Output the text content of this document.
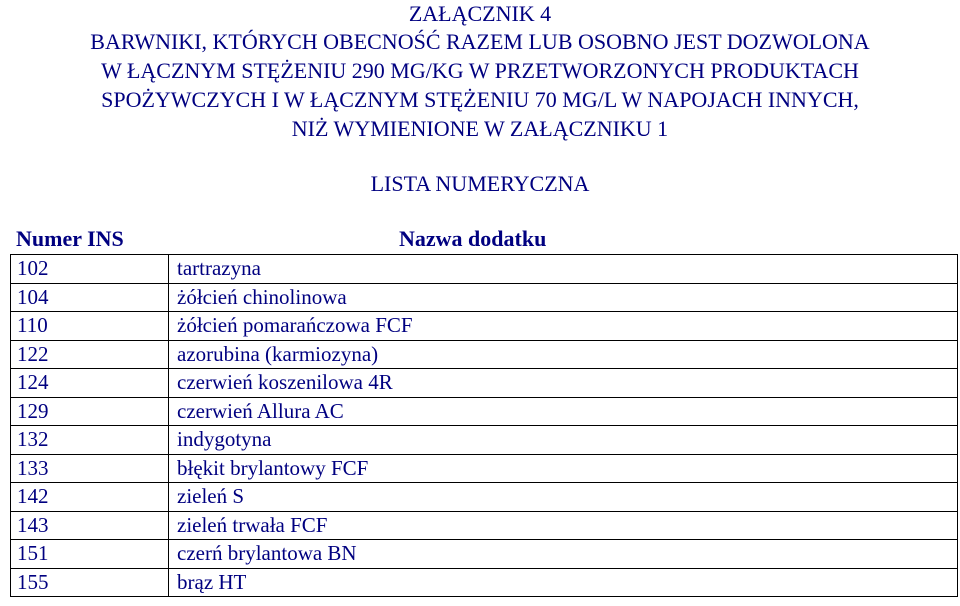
ZAŁĄCZNIK 4
BARWNIKI, KTÓRYCH OBECNOŚĆ RAZEM LUB OSOBNO JEST DOZWOLONA
W ŁĄCZNYM STĘŻENIU 290 MG/KG W PRZETWORZONYCH PRODUKTACH
SPOŻYWCZYCH I W ŁĄCZNYM STĘŻENIU 70 MG/L W NAPOJACH INNYCH,
NIŻ WYMIENIONE W ZAŁĄCZNIKU 1
LISTA NUMERYCZNA
Numer INS	Nazwa dodatku
102	tartrazyna
104	żółcień chinolinowa
110	żółcień pomarańczowa FCF
122	azorubina (karmiozyna)
124	czerwień koszenilowa 4R
129	czerwień Allura AC
132	indygotyna
133	błękit brylantowy FCF
142	zieleń S
143	zieleń trwała FCF
151	czerń brylantowa BN
155	brąz HT
